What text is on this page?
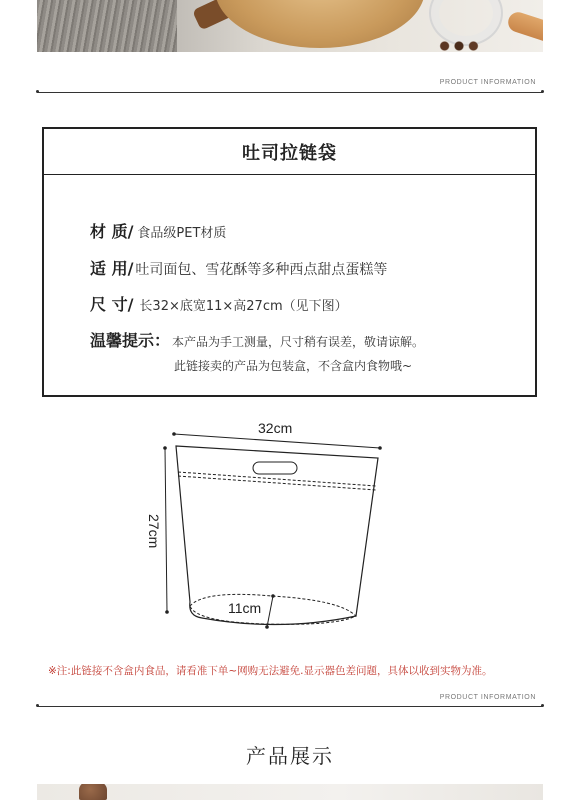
PRODUCT INFORMATION
吐司拉链袋
材 质/ 食品级PET材质
适 用/ 吐司面包、雪花酥等多种西点甜点蛋糕等
尺 寸/ 长32×底宽11×高27cm（见下图）
温馨提示： 本产品为手工测量，尺寸稍有误差，敬请谅解。
此链接卖的产品为包装盒，不含盒内食物哦~
32cm
27cm
11cm
※注:此链接不含盒内食品，请看准下单~网购无法避免.显示器色差问题，具体以收到实物为准。
PRODUCT INFORMATION
产品展示
